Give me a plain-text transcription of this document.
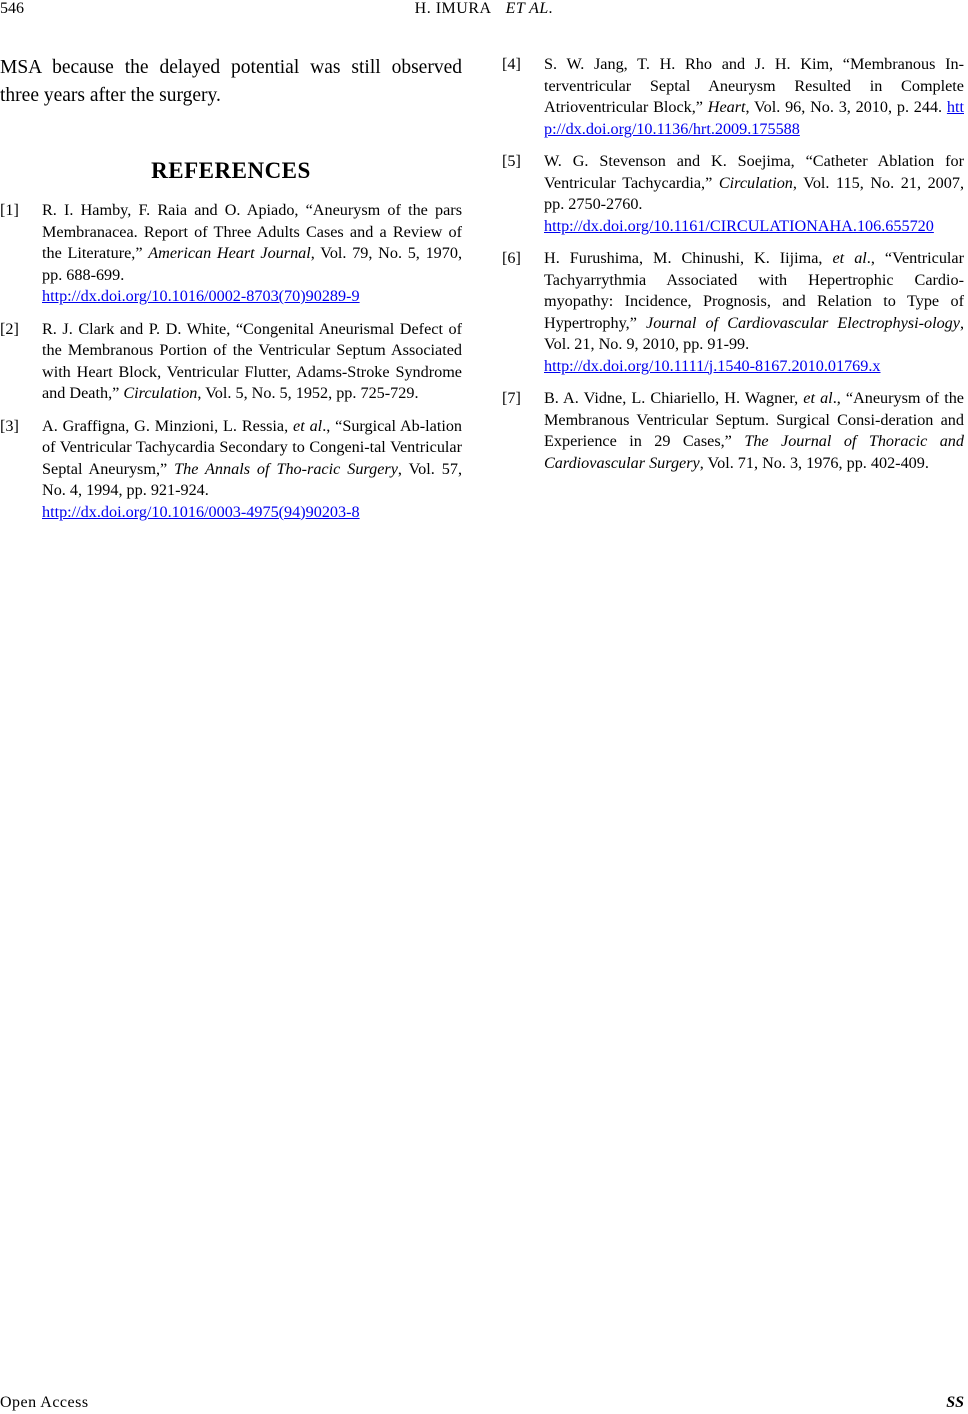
546	H. IMURA ET AL.

MSA because the delayed potential was still observed three years after the surgery.

REFERENCES
[1]	R. I. Hamby, F. Raia and O. Apiado, “Aneurysm of the pars Membranacea. Report of Three Adults Cases and a Review of the Literature,” American Heart Journal, Vol. 79, No. 5, 1970, pp. 688-699.
http://dx.doi.org/10.1016/0002-8703(70)90289-9
[2]	R. J. Clark and P. D. White, “Congenital Aneurismal Defect of the Membranous Portion of the Ventricular Septum Associated with Heart Block, Ventricular Flutter, Adams-Stroke Syndrome and Death,” Circulation, Vol. 5, No. 5, 1952, pp. 725-729.
[3]	A. Graffigna, G. Minzioni, L. Ressia, et al., “Surgical Ab-lation of Ventricular Tachycardia Secondary to Congeni-tal Ventricular Septal Aneurysm,” The Annals of Tho-racic Surgery, Vol. 57, No. 4, 1994, pp. 921-924.
http://dx.doi.org/10.1016/0003-4975(94)90203-8
[4]	S. W. Jang, T. H. Rho and J. H. Kim, “Membranous In-terventricular Septal Aneurysm Resulted in Complete Atrioventricular Block,” Heart, Vol. 96, No. 3, 2010, p. 244. http://dx.doi.org/10.1136/hrt.2009.175588
[5]	W. G. Stevenson and K. Soejima, “Catheter Ablation for Ventricular Tachycardia,” Circulation, Vol. 115, No. 21, 2007, pp. 2750-2760.
http://dx.doi.org/10.1161/CIRCULATIONAHA.106.655720
[6]	H. Furushima, M. Chinushi, K. Iijima, et al., “Ventricular Tachyarrythmia Associated with Hepertrophic Cardio-myopathy: Incidence, Prognosis, and Relation to Type of Hypertrophy,” Journal of Cardiovascular Electrophysi-ology, Vol. 21, No. 9, 2010, pp. 91-99.
http://dx.doi.org/10.1111/j.1540-8167.2010.01769.x
[7]	B. A. Vidne, L. Chiariello, H. Wagner, et al., “Aneurysm of the Membranous Ventricular Septum. Surgical Consi-deration and Experience in 29 Cases,” The Journal of Thoracic and Cardiovascular Surgery, Vol. 71, No. 3, 1976, pp. 402-409.
Open Access	SS
